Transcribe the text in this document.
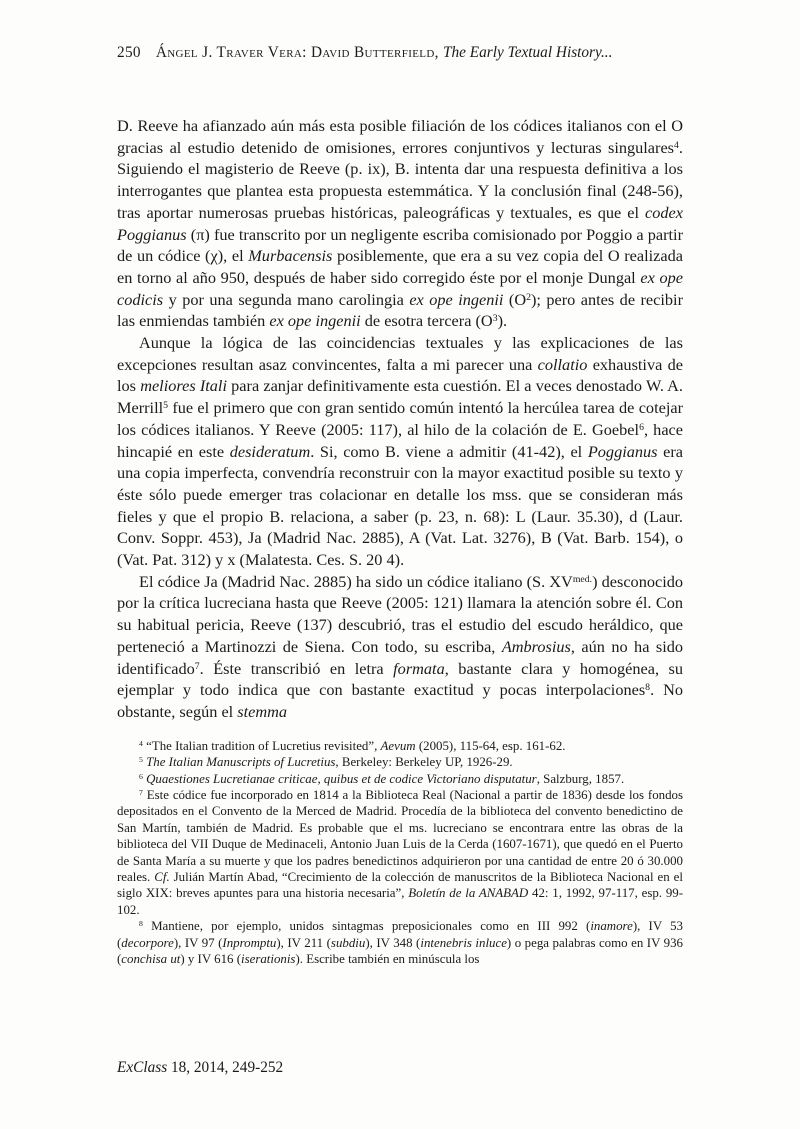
250 Ángel J. Traver Vera: David Butterfield, The Early Textual History...

D. Reeve ha afianzado aún más esta posible filiación de los códices italianos con el O gracias al estudio detenido de omisiones, errores conjuntivos y lecturas singulares$^4$. Siguiendo el magisterio de Reeve (p. ix), B. intenta dar una respuesta definitiva a los interrogantes que plantea esta propuesta estemmática. Y la conclusión final (248-56), tras aportar numerosas pruebas históricas, paleográficas y textuales, es que el codex Poggianus (π) fue transcrito por un negligente escriba comisionado por Poggio a partir de un códice (χ), el Murbacensis posiblemente, que era a su vez copia del O realizada en torno al año 950, después de haber sido corregido éste por el monje Dungal ex ope codicis y por una segunda mano carolingia ex ope ingenii $(O^2)$; pero antes de recibir las enmiendas también ex ope ingenii de esotra tercera $(O^3)$.

Aunque la lógica de las coincidencias textuales y las explicaciones de las excepciones resultan asaz convincentes, falta a mi parecer una collatio exhaustiva de los meliores Itali para zanjar definitivamente esta cuestión. El a veces denostado W. A. Merrill$^5$ fue el primero que con gran sentido común intentó la hercúlea tarea de cotejar los códices italianos. Y Reeve (2005: 117), al hilo de la colación de E. Goebel$^6$, hace hincapié en este desideratum. Si, como B. viene a admitir (41-42), el Poggianus era una copia imperfecta, convendría reconstruir con la mayor exactitud posible su texto y éste sólo puede emerger tras colacionar en detalle los mss. que se consideran más fieles y que el propio B. relaciona, a saber (p. 23, n. 68): L (Laur. 35.30), d (Laur. Conv. Soppr. 453), Ja (Madrid Nac. 2885), A (Vat. Lat. 3276), B (Vat. Barb. 154), o (Vat. Pat. 312) y x (Malatesta. Ces. S. 20 4).

El códice Ja (Madrid Nac. 2885) ha sido un códice italiano (S. $XV^{med.}$) desconocido por la crítica lucreciana hasta que Reeve (2005: 121) llamara la atención sobre él. Con su habitual pericia, Reeve (137) descubrió, tras el estudio del escudo heráldico, que perteneció a Martinozzi de Siena. Con todo, su escriba, Ambrosius, aún no ha sido identificado$^7$. Éste transcribió en letra formata, bastante clara y homogénea, su ejemplar y todo indica que con bastante exactitud y pocas interpolaciones$^8$. No obstante, según el stemma

$^4$ “The Italian tradition of Lucretius revisited”, Aevum (2005), 115-64, esp. 161-62.

$^5$ The Italian Manuscripts of Lucretius, Berkeley: Berkeley UP, 1926-29.

$^6$ Quaestiones Lucretianae criticae, quibus et de codice Victoriano disputatur, Salzburg, 1857.

$^7$ Este códice fue incorporado en 1814 a la Biblioteca Real (Nacional a partir de 1836) desde los fondos depositados en el Convento de la Merced de Madrid. Procedía de la biblioteca del convento benedictino de San Martín, también de Madrid. Es probable que el ms. lucreciano se encontrara entre las obras de la biblioteca del VII Duque de Medinaceli, Antonio Juan Luis de la Cerda (1607-1671), que quedó en el Puerto de Santa María a su muerte y que los padres benedictinos adquirieron por una cantidad de entre 20 ó 30.000 reales. Cf. Julián Martín Abad, “Crecimiento de la colección de manuscritos de la Biblioteca Nacional en el siglo XIX: breves apuntes para una historia necesaria”, Boletín de la ANABAD 42: 1, 1992, 97-117, esp. 99-102.

$^8$ Mantiene, por ejemplo, unidos sintagmas preposicionales como en III 992 (inamore), IV 53 (decorpore), IV 97 (Inpromptu), IV 211 (subdiu), IV 348 (intenebris inluce) o pega palabras como en IV 936 (conchisa ut) y IV 616 (iserationis). Escribe también en minúscula los

ExClass 18, 2014, 249-252
